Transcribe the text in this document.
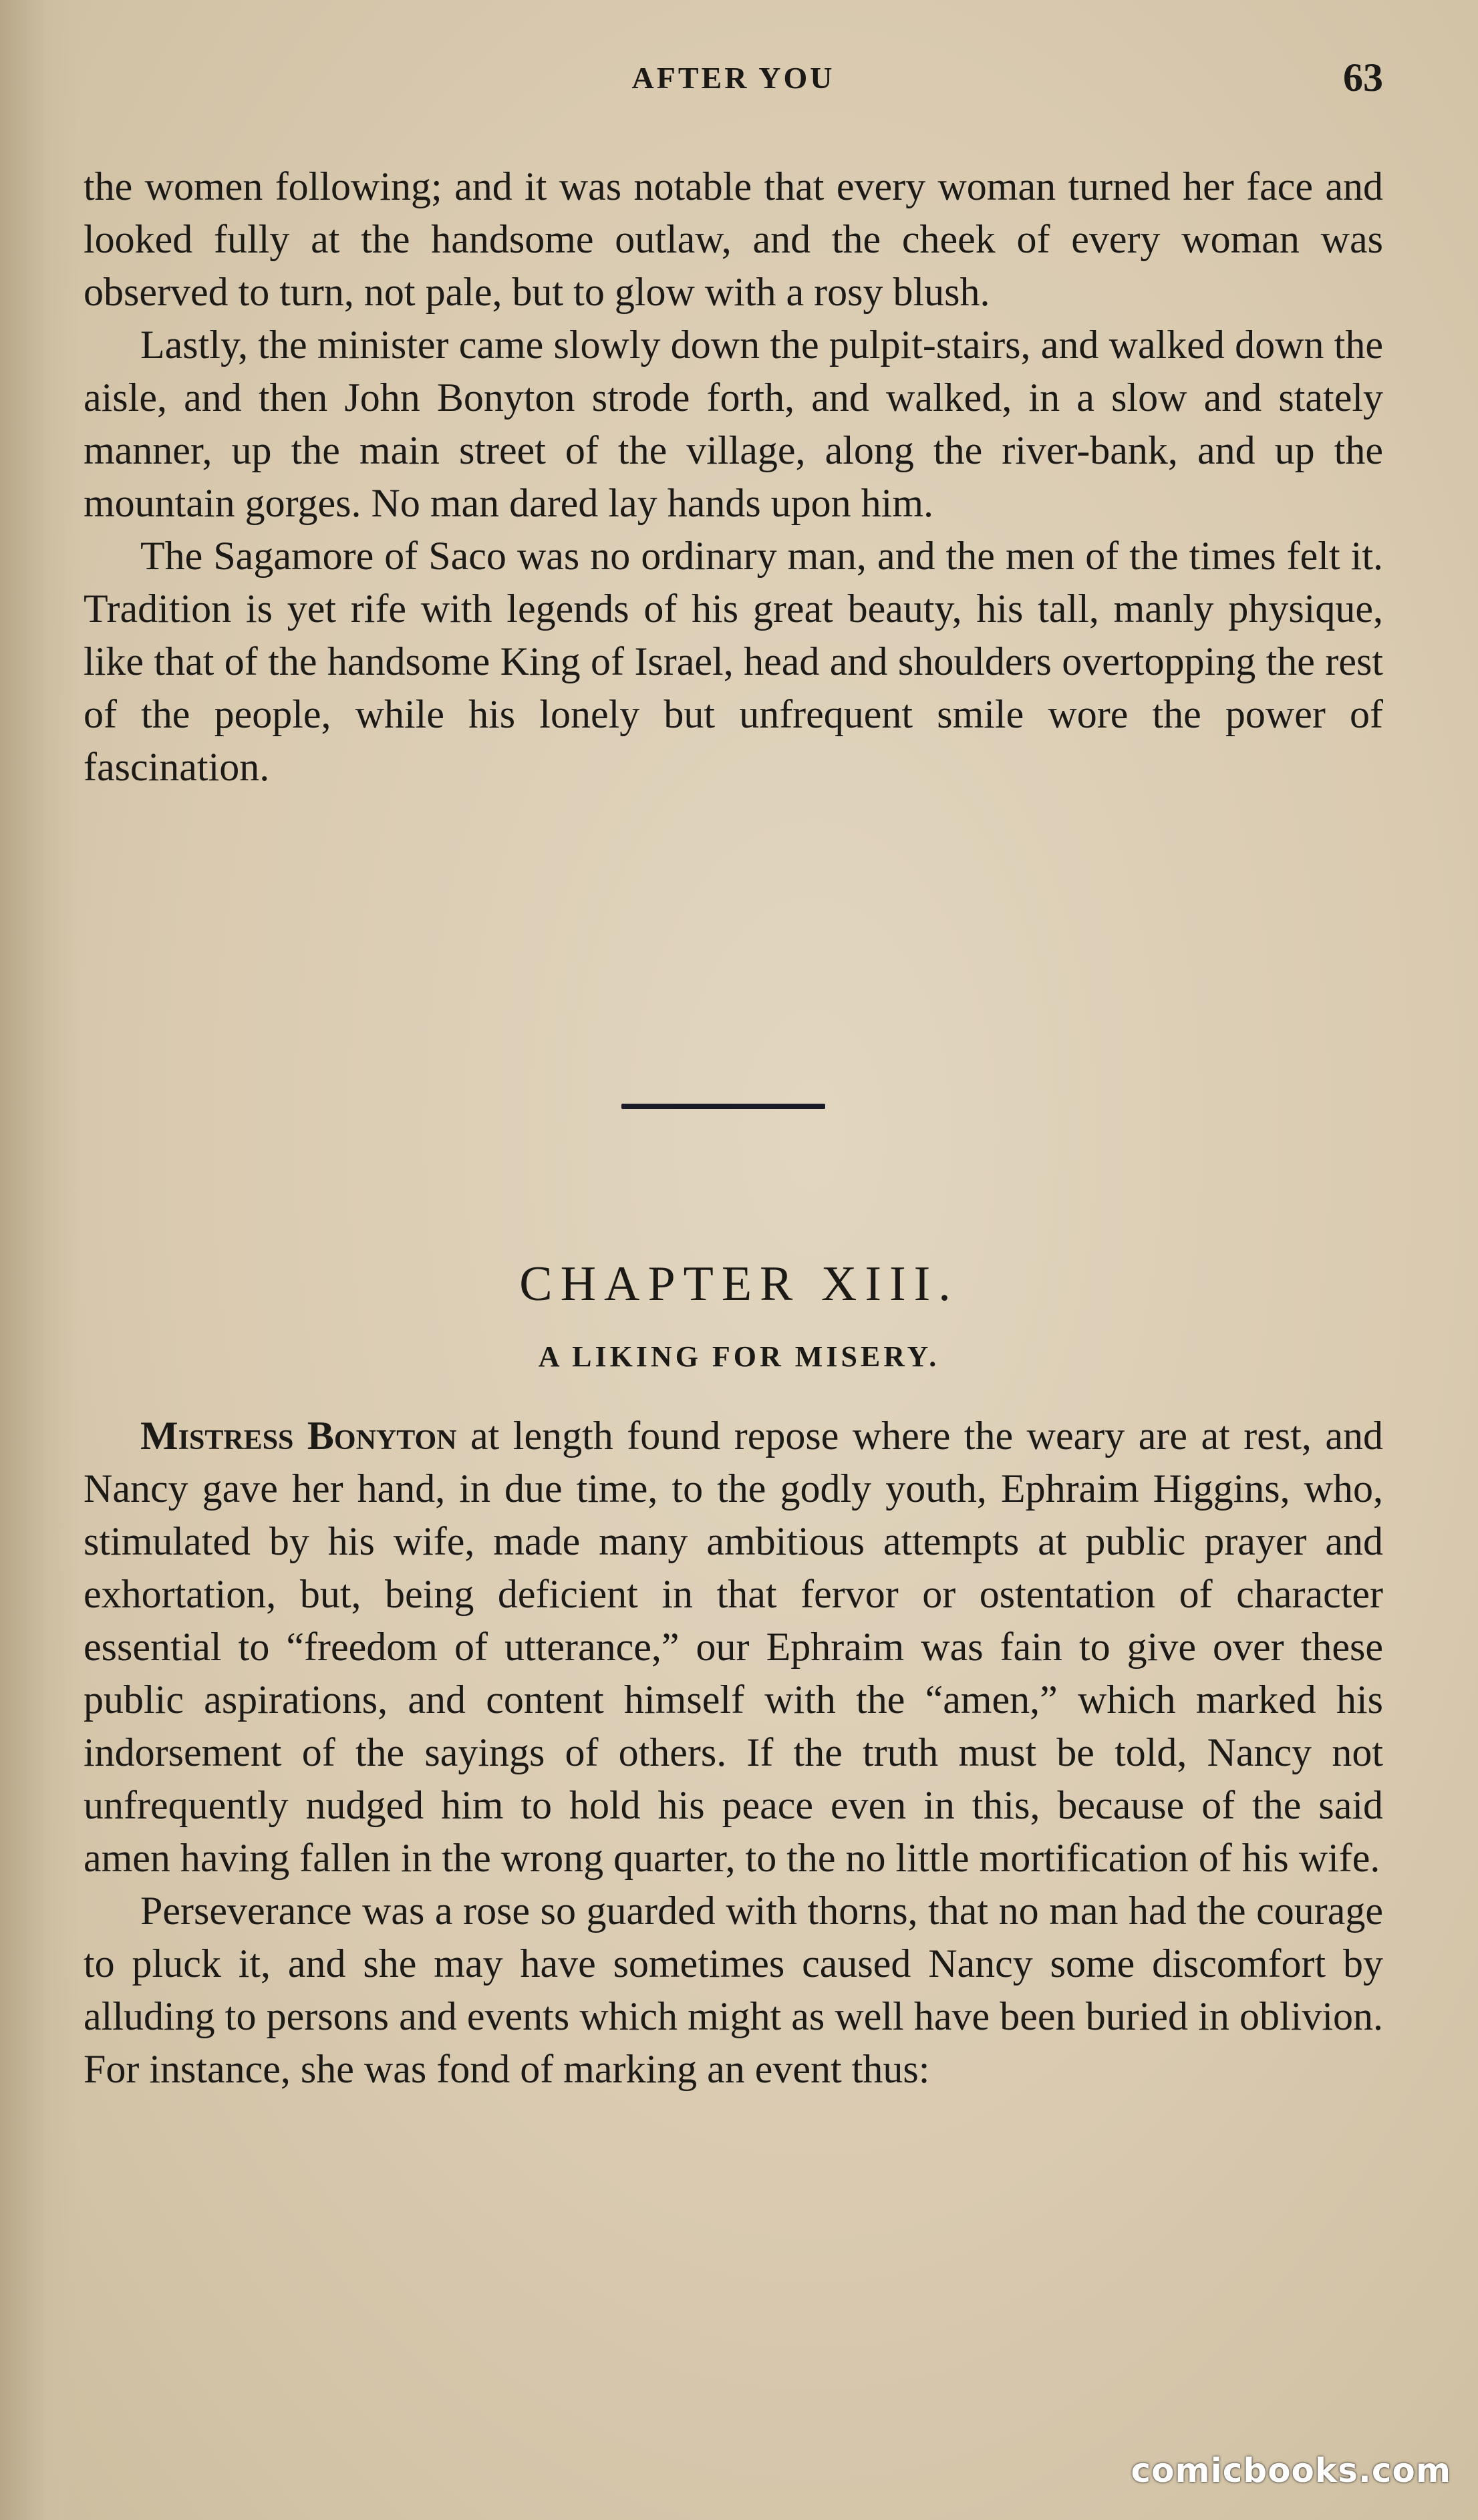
AFTER YOU	63

the women following; and it was notable that every woman turned her face and looked fully at the handsome outlaw, and the cheek of every woman was observed to turn, not pale, but to glow with a rosy blush.

Lastly, the minister came slowly down the pulpit-stairs, and walked down the aisle, and then John Bonyton strode forth, and walked, in a slow and stately manner, up the main street of the village, along the river-bank, and up the mountain gorges. No man dared lay hands upon him.

The Sagamore of Saco was no ordinary man, and the men of the times felt it. Tradition is yet rife with legends of his great beauty, his tall, manly physique, like that of the handsome King of Israel, head and shoulders overtopping the rest of the people, while his lonely but unfrequent smile wore the power of fascination.

CHAPTER XIII.
A LIKING FOR MISERY.

Mistress Bonyton at length found repose where the weary are at rest, and Nancy gave her hand, in due time, to the godly youth, Ephraim Higgins, who, stimulated by his wife, made many ambitious attempts at public prayer and exhortation, but, being deficient in that fervor or ostentation of character essential to “freedom of utterance,” our Ephraim was fain to give over these public aspirations, and content himself with the “amen,” which marked his indorsement of the sayings of others. If the truth must be told, Nancy not unfrequently nudged him to hold his peace even in this, because of the said amen having fallen in the wrong quarter, to the no little mortification of his wife.

Perseverance was a rose so guarded with thorns, that no man had the courage to pluck it, and she may have sometimes caused Nancy some discomfort by alluding to persons and events which might as well have been buried in oblivion. For instance, she was fond of marking an event thus:

comicbooks.com
